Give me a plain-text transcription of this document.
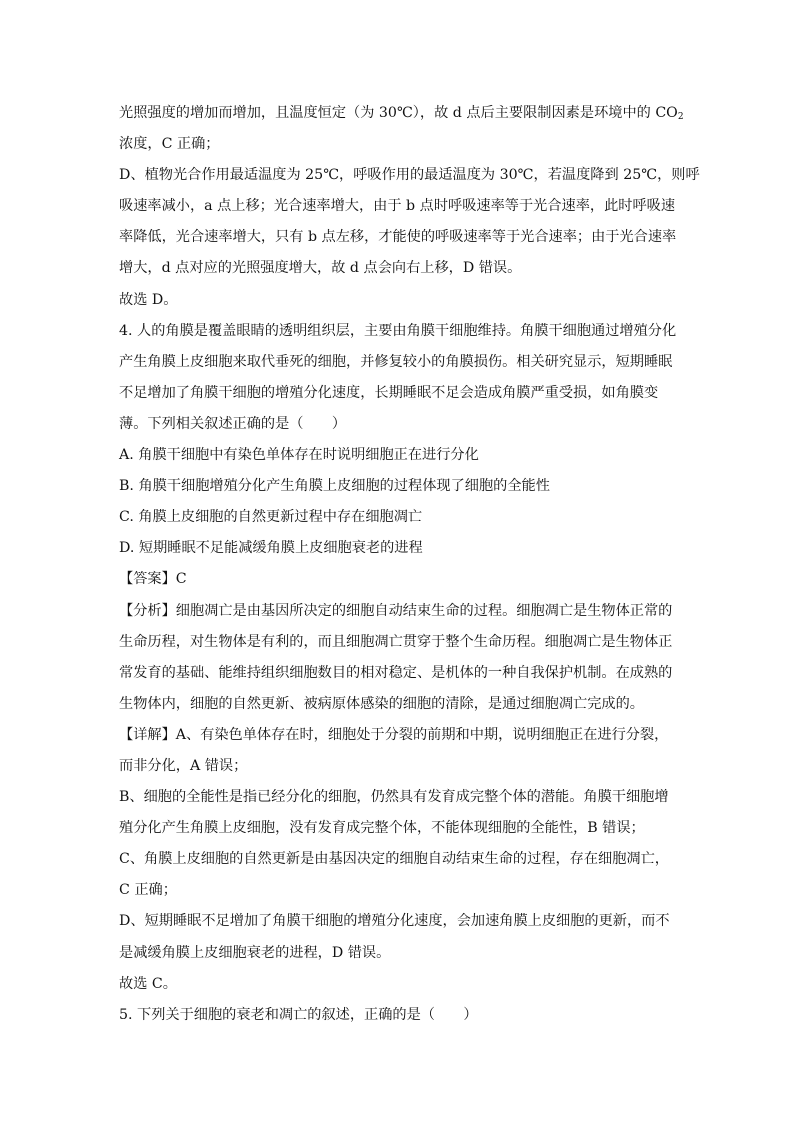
光照强度的增加而增加，且温度恒定（为 30℃），故 d 点后主要限制因素是环境中的 $CO_2$
浓度，C 正确；
D、植物光合作用最适温度为 25℃，呼吸作用的最适温度为 30℃，若温度降到 25℃，则呼
吸速率减小，a 点上移；光合速率增大，由于 b 点时呼吸速率等于光合速率，此时呼吸速
率降低，光合速率增大，只有 b 点左移，才能使的呼吸速率等于光合速率；由于光合速率
增大，d 点对应的光照强度增大，故 d 点会向右上移，D 错误。
故选 D。
4. 人的角膜是覆盖眼睛的透明组织层，主要由角膜干细胞维持。角膜干细胞通过增殖分化
产生角膜上皮细胞来取代垂死的细胞，并修复较小的角膜损伤。相关研究显示，短期睡眠
不足增加了角膜干细胞的增殖分化速度，长期睡眠不足会造成角膜严重受损，如角膜变
薄。下列相关叙述正确的是（　　）
A. 角膜干细胞中有染色单体存在时说明细胞正在进行分化
B. 角膜干细胞增殖分化产生角膜上皮细胞的过程体现了细胞的全能性
C. 角膜上皮细胞的自然更新过程中存在细胞凋亡
D. 短期睡眠不足能减缓角膜上皮细胞衰老的进程
【答案】C
【分析】细胞凋亡是由基因所决定的细胞自动结束生命的过程。细胞凋亡是生物体正常的
生命历程，对生物体是有利的，而且细胞凋亡贯穿于整个生命历程。细胞凋亡是生物体正
常发育的基础、能维持组织细胞数目的相对稳定、是机体的一种自我保护机制。在成熟的
生物体内，细胞的自然更新、被病原体感染的细胞的清除，是通过细胞凋亡完成的。
【详解】A、有染色单体存在时，细胞处于分裂的前期和中期，说明细胞正在进行分裂，
而非分化，A 错误；
B、细胞的全能性是指已经分化的细胞，仍然具有发育成完整个体的潜能。角膜干细胞增
殖分化产生角膜上皮细胞，没有发育成完整个体，不能体现细胞的全能性，B 错误；
C、角膜上皮细胞的自然更新是由基因决定的细胞自动结束生命的过程，存在细胞凋亡，
C 正确；
D、短期睡眠不足增加了角膜干细胞的增殖分化速度，会加速角膜上皮细胞的更新，而不
是减缓角膜上皮细胞衰老的进程，D 错误。
故选 C。
5. 下列关于细胞的衰老和凋亡的叙述，正确的是（　　）
